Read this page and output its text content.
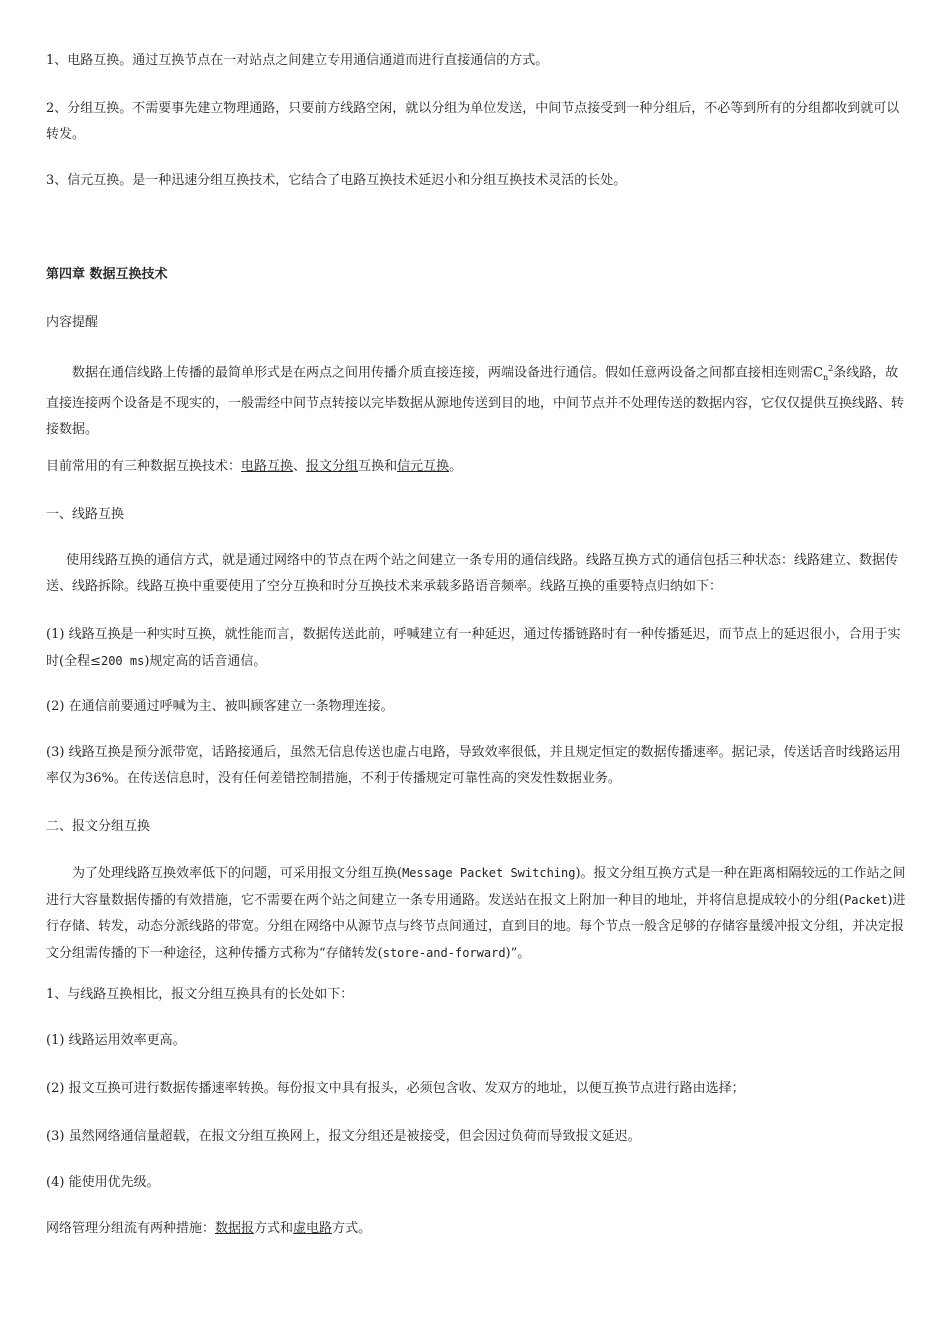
1、电路互换。通过互换节点在一对站点之间建立专用通信通道而进行直接通信的方式。

2、分组互换。不需要事先建立物理通路，只要前方线路空闲，就以分组为单位发送，中间节点接受到一种分组后，不必等到所有的分组都收到就可以转发。

3、信元互换。是一种迅速分组互换技术，它结合了电路互换技术延迟小和分组互换技术灵活的长处。

第四章 数据互换技术

内容提醒

数据在通信线路上传播的最简单形式是在两点之间用传播介质直接连接，两端设备进行通信。假如任意两设备之间都直接相连则需$C_n^2$条线路，故直接连接两个设备是不现实的，一般需经中间节点转接以完毕数据从源地传送到目的地，中间节点并不处理传送的数据内容，它仅仅提供互换线路、转接数据。

目前常用的有三种数据互换技术：电路互换、报文分组互换和信元互换。

一、线路互换

使用线路互换的通信方式，就是通过网络中的节点在两个站之间建立一条专用的通信线路。线路互换方式的通信包括三种状态：线路建立、数据传送、线路拆除。线路互换中重要使用了空分互换和时分互换技术来承载多路语音频率。线路互换的重要特点归纳如下：

(1) 线路互换是一种实时互换，就性能而言，数据传送此前，呼喊建立有一种延迟，通过传播链路时有一种传播延迟，而节点上的延迟很小，合用于实时(全程≤200 ms)规定高的话音通信。

(2) 在通信前要通过呼喊为主、被叫顾客建立一条物理连接。

(3) 线路互换是预分派带宽，话路接通后，虽然无信息传送也虚占电路，导致效率很低，并且规定恒定的数据传播速率。据记录，传送话音时线路运用率仅为36%。在传送信息时，没有任何差错控制措施，不利于传播规定可靠性高的突发性数据业务。

二、报文分组互换

为了处理线路互换效率低下的问题，可采用报文分组互换(Message Packet Switching)。报文分组互换方式是一种在距离相隔较远的工作站之间进行大容量数据传播的有效措施，它不需要在两个站之间建立一条专用通路。发送站在报文上附加一种目的地址，并将信息提成较小的分组(Packet)进行存储、转发，动态分派线路的带宽。分组在网络中从源节点与终节点间通过，直到目的地。每个节点一般含足够的存储容量缓冲报文分组，并决定报文分组需传播的下一种途径，这种传播方式称为“存储转发(store-and-forward)”。

1、与线路互换相比，报文分组互换具有的长处如下：

(1) 线路运用效率更高。

(2) 报文互换可进行数据传播速率转换。每份报文中具有报头，必须包含收、发双方的地址，以便互换节点进行路由选择；

(3) 虽然网络通信量超载，在报文分组互换网上，报文分组还是被接受，但会因过负荷而导致报文延迟。

(4) 能使用优先级。

网络管理分组流有两种措施：数据报方式和虚电路方式。
